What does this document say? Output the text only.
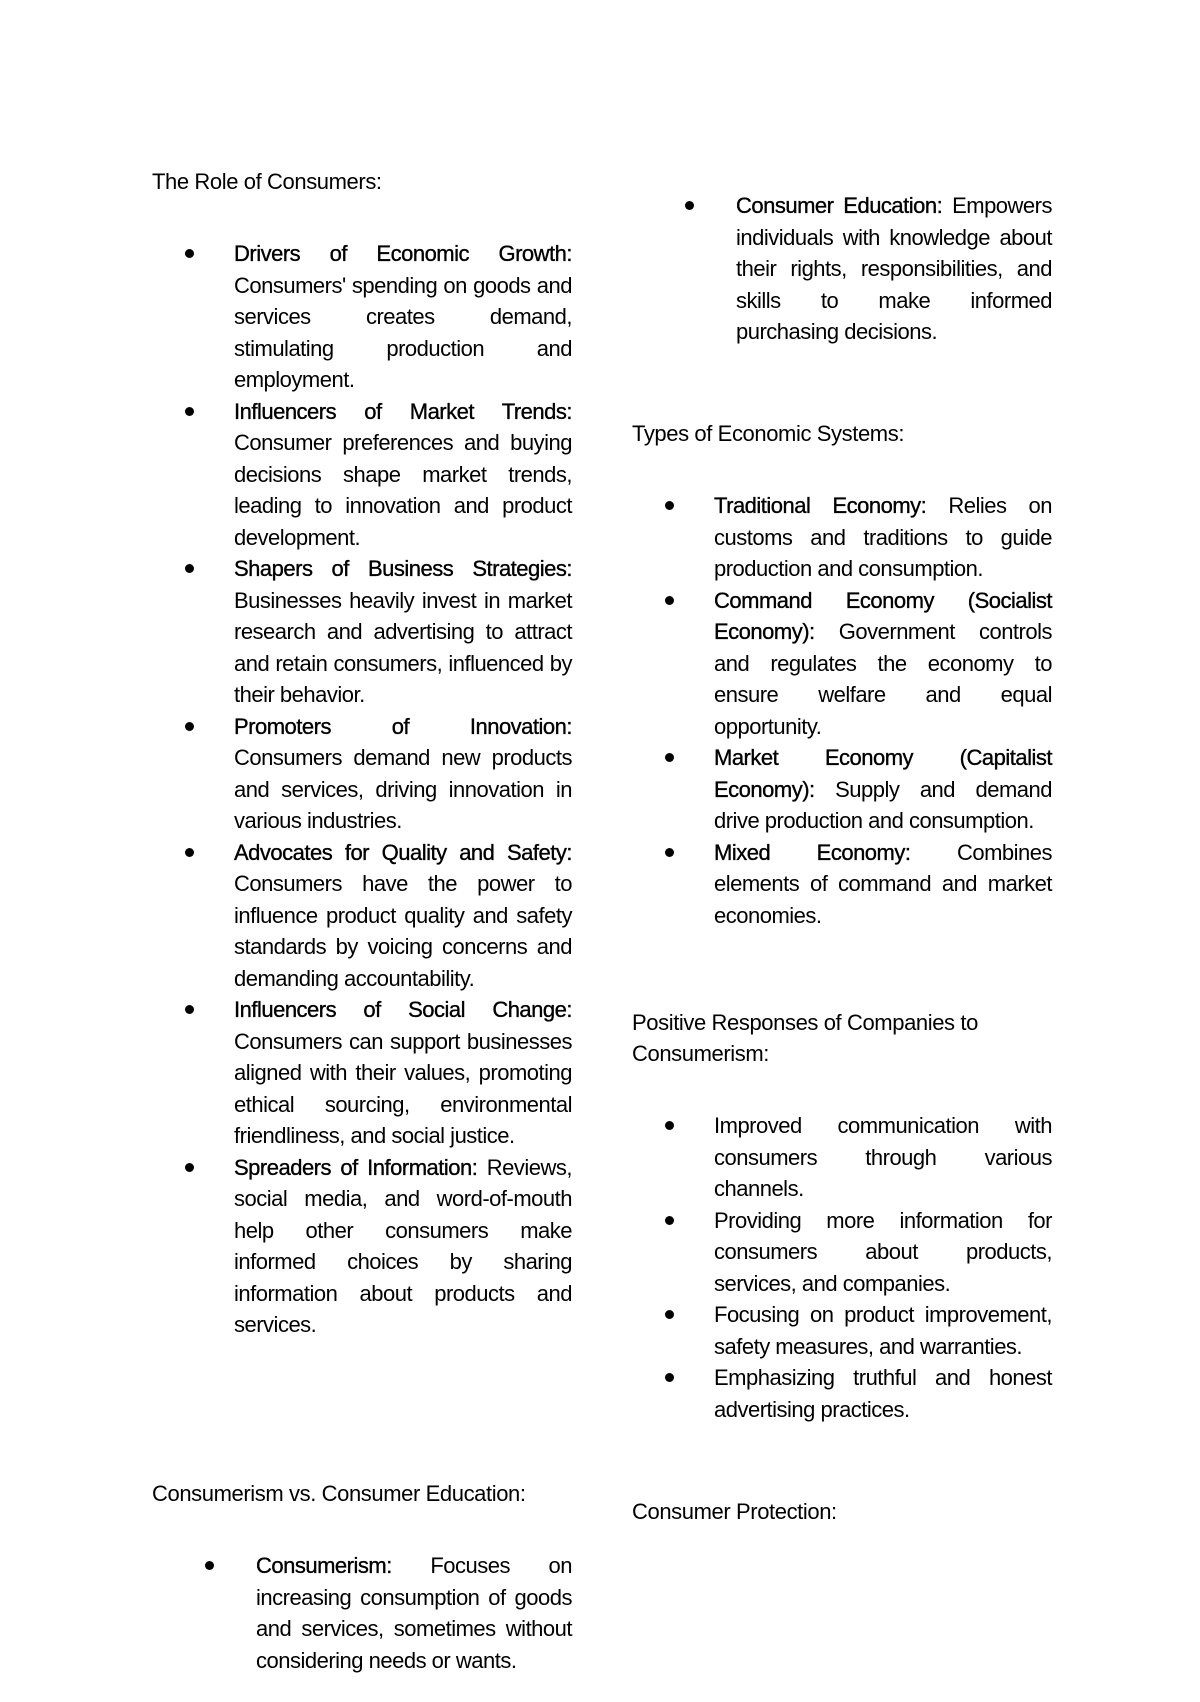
The Role of Consumers:
Drivers of Economic Growth: Consumers' spending on goods and services creates demand, stimulating production and employment.
Influencers of Market Trends: Consumer preferences and buying decisions shape market trends, leading to innovation and product development.
Shapers of Business Strategies: Businesses heavily invest in market research and advertising to attract and retain consumers, influenced by their behavior.
Promoters of Innovation: Consumers demand new products and services, driving innovation in various industries.
Advocates for Quality and Safety: Consumers have the power to influence product quality and safety standards by voicing concerns and demanding accountability.
Influencers of Social Change: Consumers can support businesses aligned with their values, promoting ethical sourcing, environmental friendliness, and social justice.
Spreaders of Information: Reviews, social media, and word-of-mouth help other consumers make informed choices by sharing information about products and services.
Consumerism vs. Consumer Education:
Consumerism: Focuses on increasing consumption of goods and services, sometimes without considering needs or wants.
Consumer Education: Empowers individuals with knowledge about their rights, responsibilities, and skills to make informed purchasing decisions.
Types of Economic Systems:
Traditional Economy: Relies on customs and traditions to guide production and consumption.
Command Economy (Socialist Economy): Government controls and regulates the economy to ensure welfare and equal opportunity.
Market Economy (Capitalist Economy): Supply and demand drive production and consumption.
Mixed Economy: Combines elements of command and market economies.
Positive Responses of Companies to Consumerism:
Improved communication with consumers through various channels.
Providing more information for consumers about products, services, and companies.
Focusing on product improvement, safety measures, and warranties.
Emphasizing truthful and honest advertising practices.
Consumer Protection:
